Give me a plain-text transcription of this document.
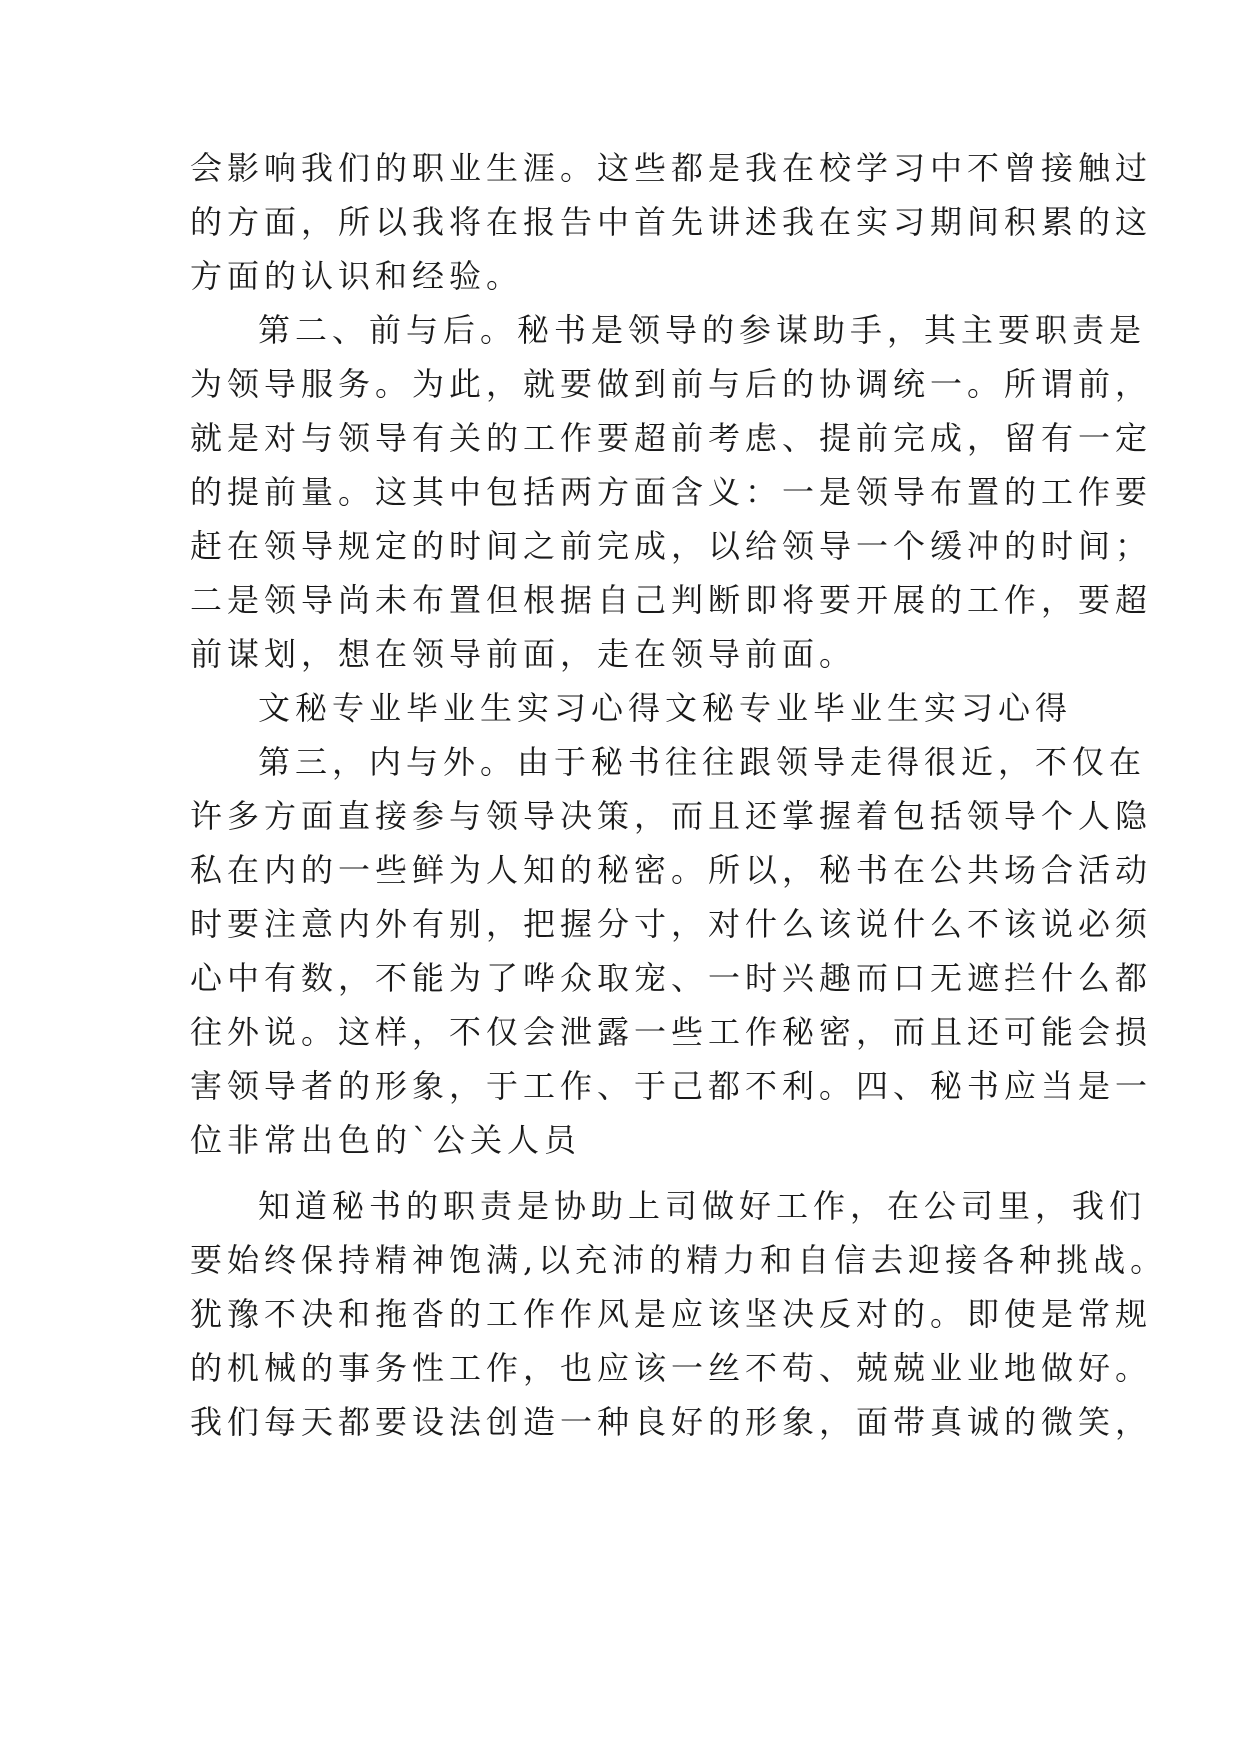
会影响我们的职业生涯。这些都是我在校学习中不曾接触过
的方面，所以我将在报告中首先讲述我在实习期间积累的这
方面的认识和经验。
第二、前与后。秘书是领导的参谋助手，其主要职责是
为领导服务。为此，就要做到前与后的协调统一。所谓前，
就是对与领导有关的工作要超前考虑、提前完成，留有一定
的提前量。这其中包括两方面含义：一是领导布置的工作要
赶在领导规定的时间之前完成，以给领导一个缓冲的时间；
二是领导尚未布置但根据自己判断即将要开展的工作，要超
前谋划，想在领导前面，走在领导前面。
文秘专业毕业生实习心得文秘专业毕业生实习心得
第三，内与外。由于秘书往往跟领导走得很近，不仅在
许多方面直接参与领导决策，而且还掌握着包括领导个人隐
私在内的一些鲜为人知的秘密。所以，秘书在公共场合活动
时要注意内外有别，把握分寸，对什么该说什么不该说必须
心中有数，不能为了哗众取宠、一时兴趣而口无遮拦什么都
往外说。这样，不仅会泄露一些工作秘密，而且还可能会损
害领导者的形象，于工作、于己都不利。四、秘书应当是一
位非常出色的`公关人员
知道秘书的职责是协助上司做好工作，在公司里，我们
要始终保持精神饱满,以充沛的精力和自信去迎接各种挑战。
犹豫不决和拖沓的工作作风是应该坚决反对的。即使是常规
的机械的事务性工作，也应该一丝不苟、兢兢业业地做好。
我们每天都要设法创造一种良好的形象，面带真诚的微笑，
